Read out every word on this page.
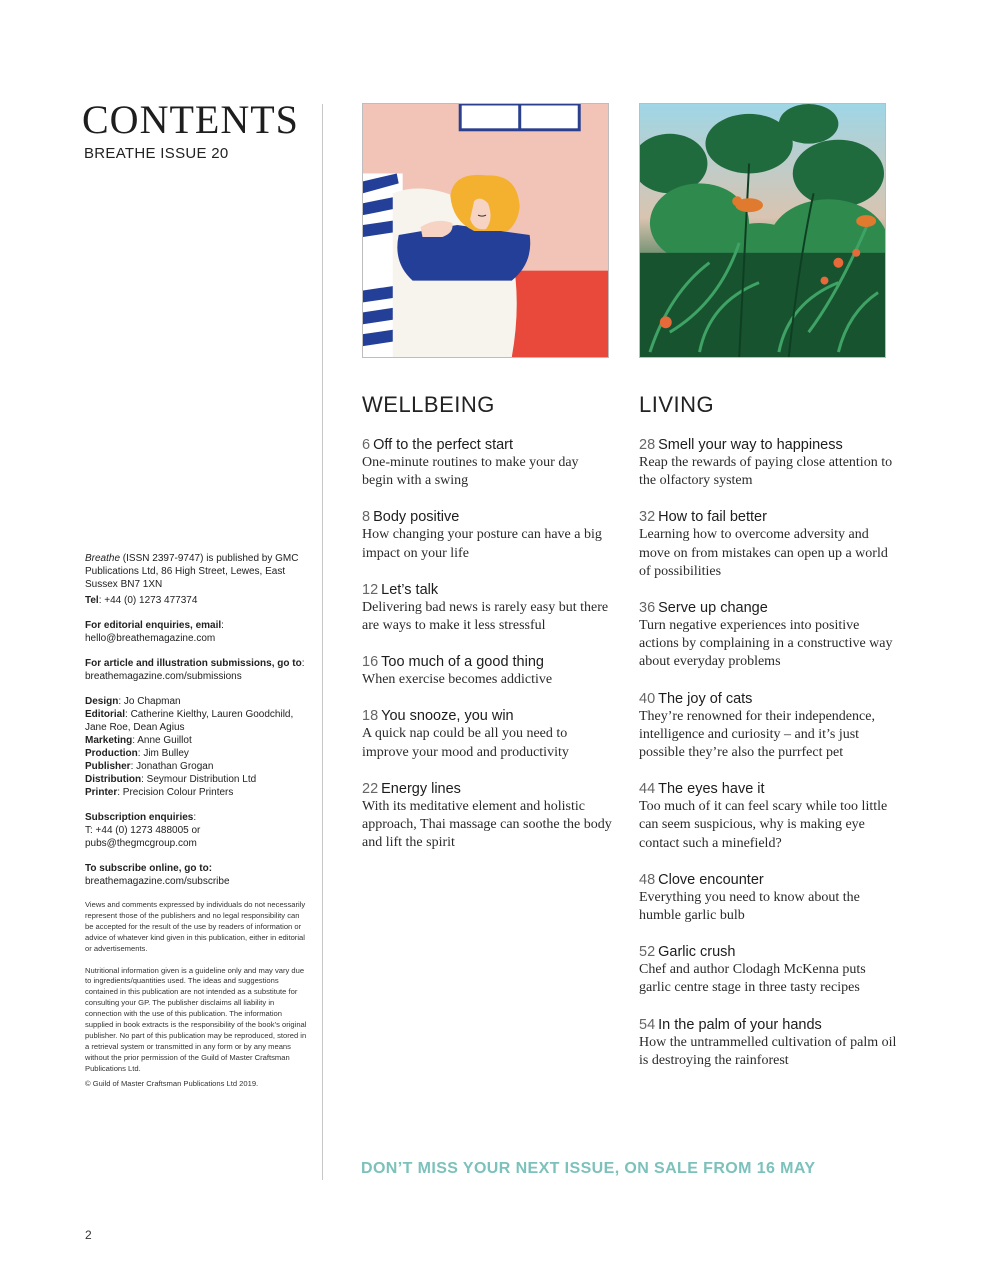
CONTENTS
BREATHE ISSUE 20
Breathe (ISSN 2397-9747) is published by GMC Publications Ltd, 86 High Street, Lewes, East Sussex BN7 1XN
Tel: +44 (0) 1273 477374
For editorial enquiries, email:
hello@breathemagazine.com
For article and illustration submissions, go to:
breathemagazine.com/submissions
Design: Jo Chapman
Editorial: Catherine Kielthy, Lauren Goodchild, Jane Roe, Dean Agius
Marketing: Anne Guillot
Production: Jim Bulley
Publisher: Jonathan Grogan
Distribution: Seymour Distribution Ltd
Printer: Precision Colour Printers
Subscription enquiries:
T: +44 (0) 1273 488005 or pubs@thegmcgroup.com
To subscribe online, go to:
breathemagazine.com/subscribe
Views and comments expressed by individuals do not necessarily represent those of the publishers and no legal responsibility can be accepted for the result of the use by readers of information or advice of whatever kind given in this publication, either in editorial or advertisements.
Nutritional information given is a guideline only and may vary due to ingredients/quantities used. The ideas and suggestions contained in this publication are not intended as a substitute for consulting your GP. The publisher disclaims all liability in connection with the use of this publication. The information supplied in book extracts is the responsibility of the book’s original publisher. No part of this publication may be reproduced, stored in a retrieval system or transmitted in any form or by any means without the prior permission of the Guild of Master Craftsman Publications Ltd.
© Guild of Master Craftsman Publications Ltd 2019.
WELLBEING
6 Off to the perfect start
One-minute routines to make your day begin with a swing
8 Body positive
How changing your posture can have a big impact on your life
12 Let’s talk
Delivering bad news is rarely easy but there are ways to make it less stressful
16 Too much of a good thing
When exercise becomes addictive
18 You snooze, you win
A quick nap could be all you need to improve your mood and productivity
22 Energy lines
With its meditative element and holistic approach, Thai massage can soothe the body and lift the spirit
LIVING
28 Smell your way to happiness
Reap the rewards of paying close attention to the olfactory system
32 How to fail better
Learning how to overcome adversity and move on from mistakes can open up a world of possibilities
36 Serve up change
Turn negative experiences into positive actions by complaining in a constructive way about everyday problems
40 The joy of cats
They’re renowned for their independence, intelligence and curiosity – and it’s just possible they’re also the purrfect pet
44 The eyes have it
Too much of it can feel scary while too little can seem suspicious, why is making eye contact such a minefield?
48 Clove encounter
Everything you need to know about the humble garlic bulb
52 Garlic crush
Chef and author Clodagh McKenna puts garlic centre stage in three tasty recipes
54 In the palm of your hands
How the untrammelled cultivation of palm oil is destroying the rainforest
DON’T MISS YOUR NEXT ISSUE, ON SALE FROM 16 MAY
2
